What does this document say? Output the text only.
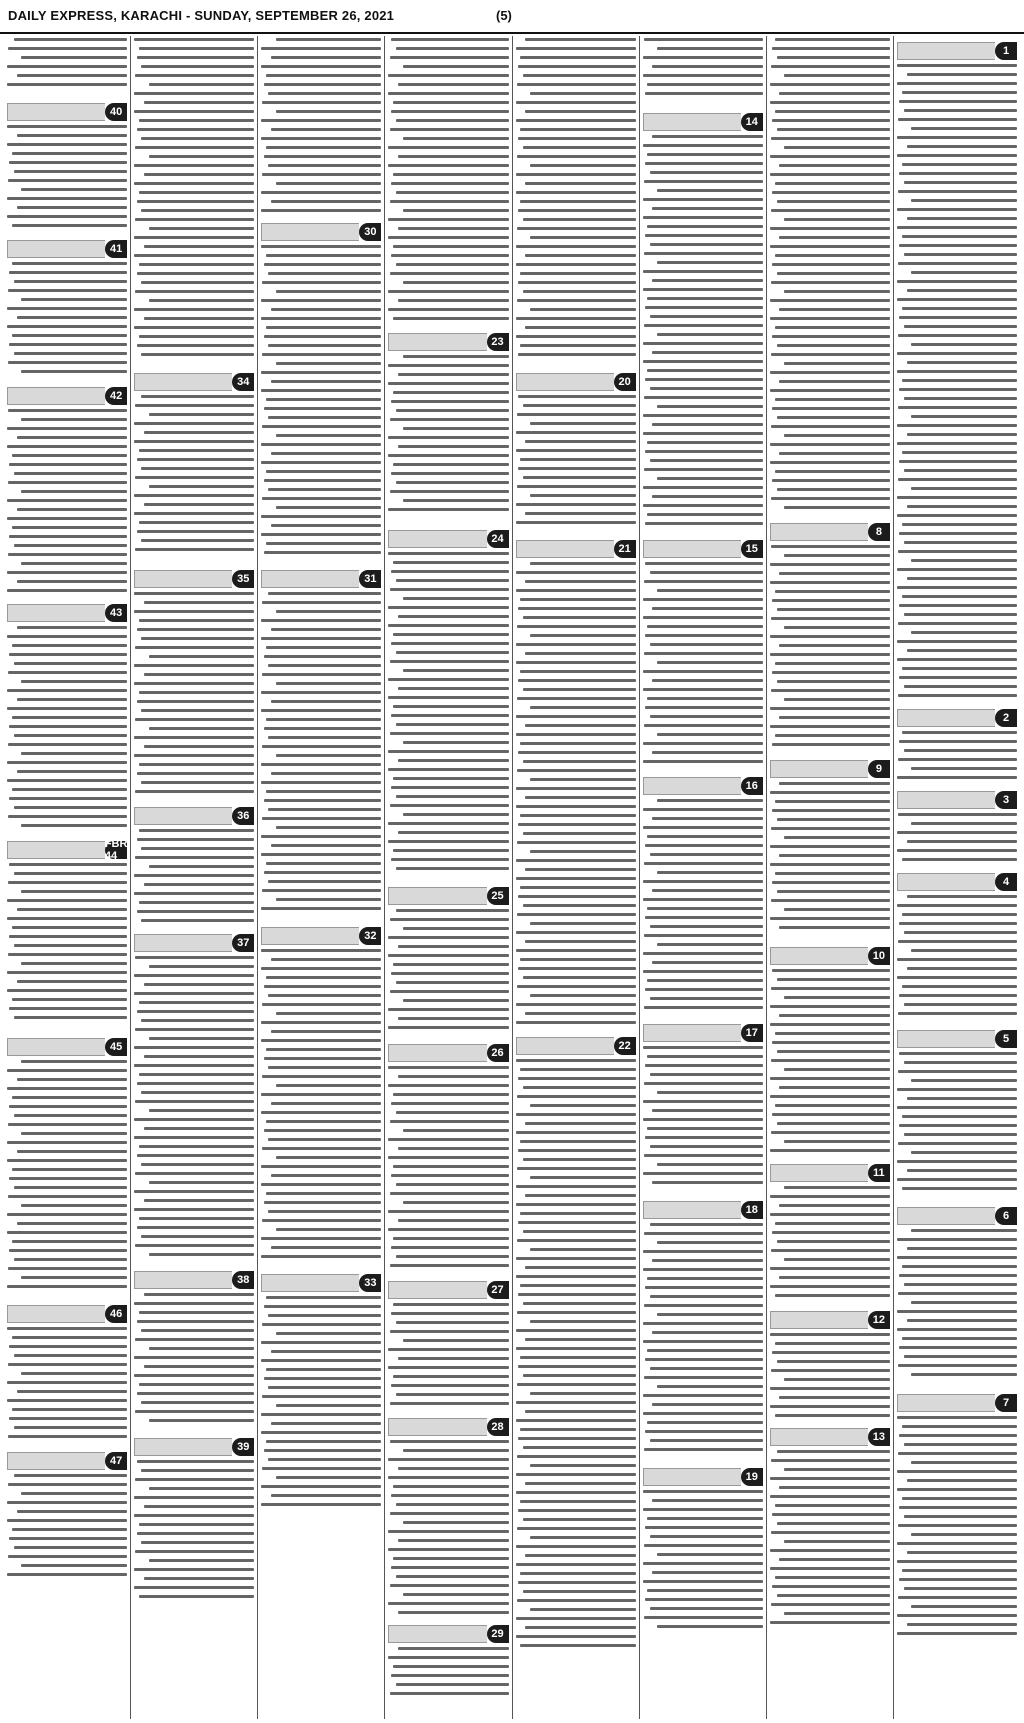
DAILY EXPRESS, KARACHI - SUNDAY, SEPTEMBER 26, 2021	(5)
1
2
3
4
5
6
7
8
9
10
11
12
13
14
15
16
17
18
19
20
21
22
23
24
25
26
27
28
29
30
31
32
33
34
35
36
37
38
39
40
41
42
43
FBR 44
45
46
47
